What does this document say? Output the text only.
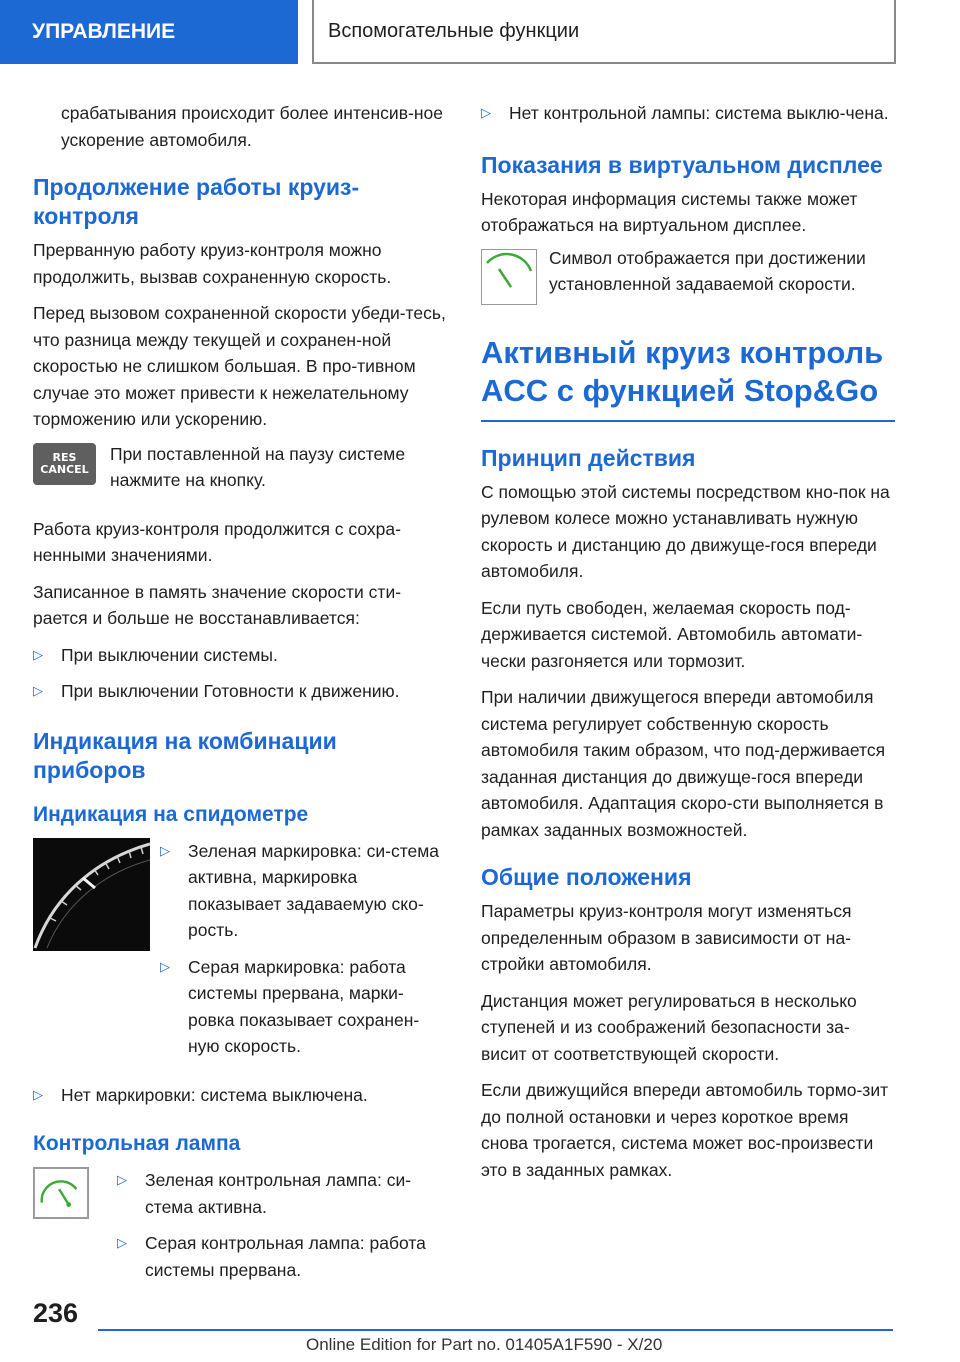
УПРАВЛЕНИЕ	Вспомогательные функции

срабатывания происходит более интенсив-ное ускорение автомобиля.

Продолжение работы круиз-контроля

Прерванную работу круиз-контроля можно продолжить, вызвав сохраненную скорость.

Перед вызовом сохраненной скорости убеди-тесь, что разница между текущей и сохранен-ной скоростью не слишком большая. В про-тивном случае это может привести к нежелательному торможению или ускорению.

RES
CANCEL

При поставленной на паузу системе нажмите на кнопку.

Работа круиз-контроля продолжится с сохра-ненными значениями.

Записанное в память значение скорости сти-рается и больше не восстанавливается:

▷	При выключении системы.
▷	При выключении Готовности к движению.
Индикация на комбинации приборов
Индикация на спидометре
▷	Зеленая маркировка: си-стема активна, маркировка показывает задаваемую ско-рость.
▷	Серая маркировка: работа системы прервана, марки-ровка показывает сохранен-ную скорость.
▷	Нет маркировки: система выключена.
Контрольная лампа
▷	Зеленая контрольная лампа: си-стема активна.
▷	Серая контрольная лампа: работа системы прервана.
▷	Нет контрольной лампы: система выклю-чена.
Показания в виртуальном дисплее

Некоторая информация системы также может отображаться на виртуальном дисплее.

Символ отображается при достижении установленной задаваемой скорости.

Активный круиз контроль ACC с функцией Stop&Go
Принцип действия

С помощью этой системы посредством кно-пок на рулевом колесе можно устанавливать нужную скорость и дистанцию до движуще-гося впереди автомобиля.

Если путь свободен, желаемая скорость под-держивается системой. Автомобиль автомати-чески разгоняется или тормозит.

При наличии движущегося впереди автомобиля система регулирует собственную скорость автомобиля таким образом, что под-держивается заданная дистанция до движуще-гося впереди автомобиля. Адаптация скоро-сти выполняется в рамках заданных возможностей.

Общие положения

Параметры круиз-контроля могут изменяться определенным образом в зависимости от на-стройки автомобиля.

Дистанция может регулироваться в несколько ступеней и из соображений безопасности за-висит от соответствующей скорости.

Если движущийся впереди автомобиль тормо-зит до полной остановки и через короткое время снова трогается, система может вос-произвести это в заданных рамках.

236
Online Edition for Part no. 01405A1F590 - X/20
